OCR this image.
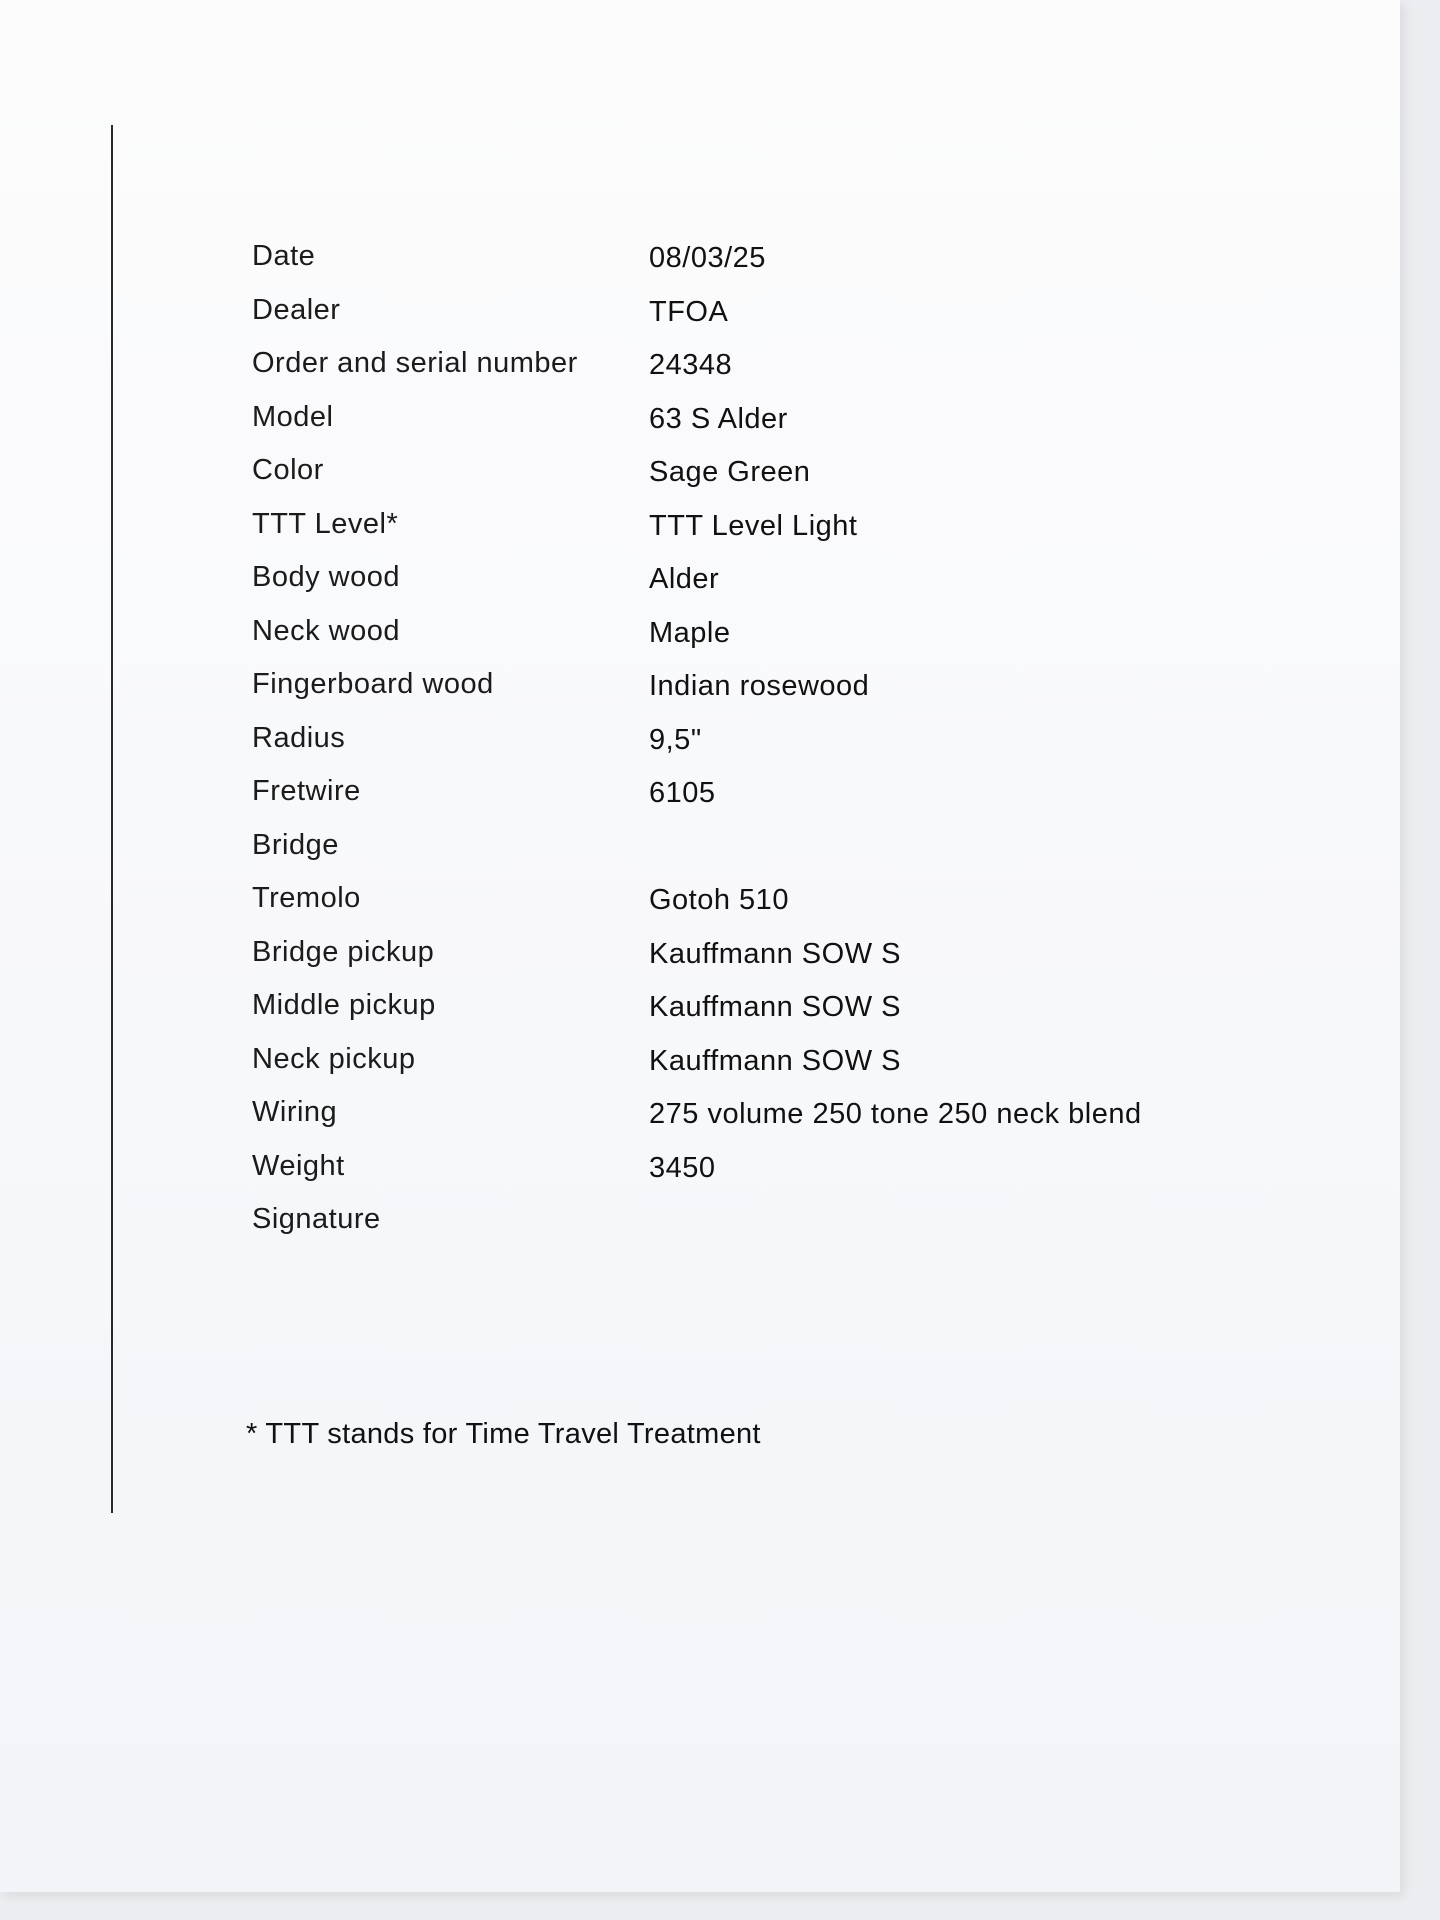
Date	08/03/25
Dealer	TFOA
Order and serial number 24348
Model	63 S Alder
Color	Sage Green
TTT Level*	TTT Level Light
Body wood	Alder
Neck wood	Maple
Fingerboard wood	Indian rosewood
Radius	9,5"
Fretwire	6105
Bridge
Tremolo	Gotoh 510
Bridge pickup	Kauffmann SOW S
Middle pickup	Kauffmann SOW S
Neck pickup	Kauffmann SOW S
Wiring	275 volume 250 tone 250 neck blend
Weight	3450
Signature
* TTT stands for Time Travel Treatment
